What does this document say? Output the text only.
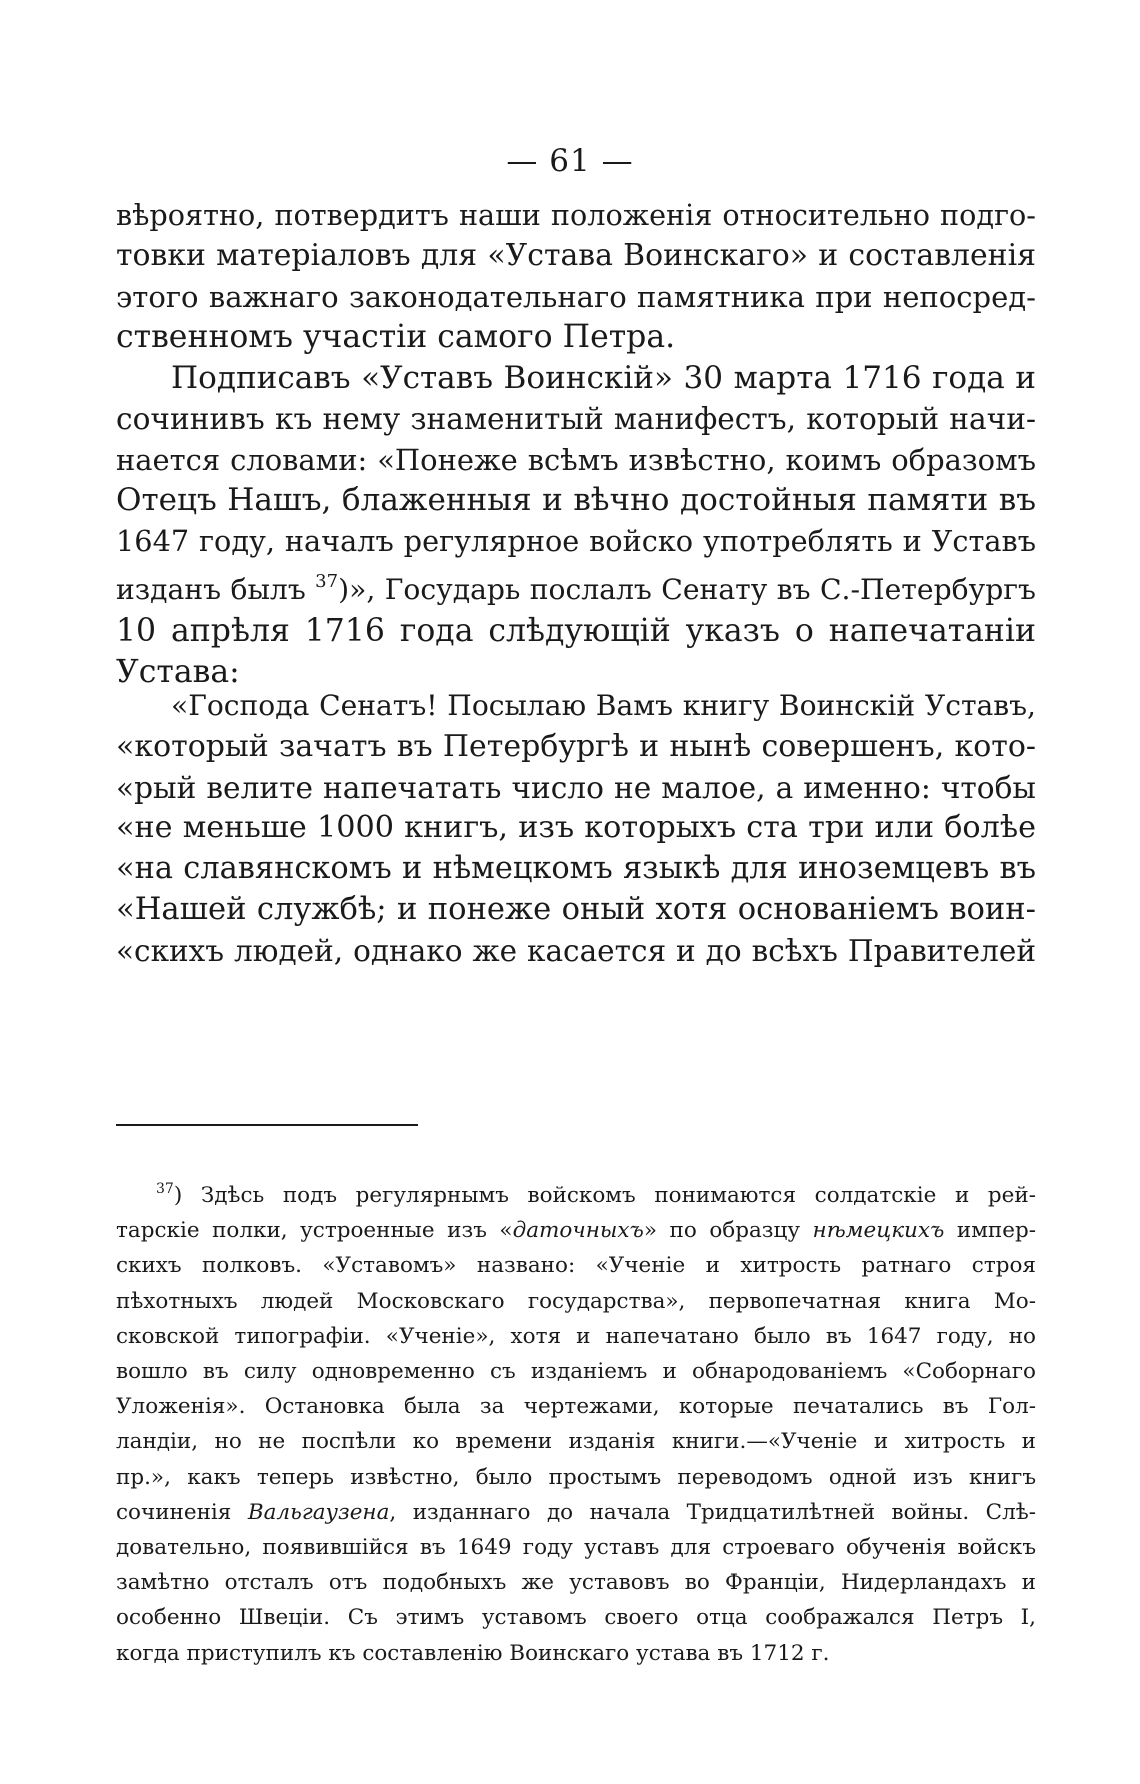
— 61 —
вѣроятно, потвердитъ наши положенія относительно подго-
товки матеріаловъ для «Устава Воинскаго» и составленія
этого важнаго законодательнаго памятника при непосред-
ственномъ участіи самого Петра.
Подписавъ «Уставъ Воинскій» 30 марта 1716 года и
сочинивъ къ нему знаменитый манифестъ, который начи-
нается словами: «Понеже всѣмъ извѣстно, коимъ образомъ
Отецъ Нашъ, блаженныя и вѣчно достойныя памяти въ
1647 году, началъ регулярное войско употреблять и Уставъ
изданъ былъ $^{37}$)», Государь послалъ Сенату въ С.-Петербургъ
10 апрѣля 1716 года слѣдующій указъ о напечатаніи
Устава:
«Господа Сенатъ! Посылаю Вамъ книгу Воинскій Уставъ,
«который зачатъ въ Петербургѣ и нынѣ совершенъ, кото-
«рый велите напечатать число не малое, а именно: чтобы
«не меньше 1000 книгъ, изъ которыхъ ста три или болѣе
«на славянскомъ и нѣмецкомъ языкѣ для иноземцевъ въ
«Нашей службѣ; и понеже оный хотя основаніемъ воин-
«скихъ людей, однако же касается и до всѣхъ Правителей
$^{37}$) Здѣсь подъ регулярнымъ войскомъ понимаются солдатскіе и рей-
тарскіе полки, устроенные изъ «даточныхъ» по образцу нѣмецкихъ импер-
скихъ полковъ. «Уставомъ» названо: «Ученіе и хитрость ратнаго строя
пѣхотныхъ людей Московскаго государства», первопечатная книга Мо-
сковской типографіи. «Ученіе», хотя и напечатано было въ 1647 году, но
вошло въ силу одновременно съ изданіемъ и обнародованіемъ «Соборнаго
Уложенія». Остановка была за чертежами, которые печатались въ Гол-
ландіи, но не поспѣли ко времени изданія книги.—«Ученіе и хитрость и
пр.», какъ теперь извѣстно, было простымъ переводомъ одной изъ книгъ
сочиненія Вальгаузена, изданнаго до начала Тридцатилѣтней войны. Слѣ-
довательно, появившійся въ 1649 году уставъ для строеваго обученія войскъ
замѣтно отсталъ отъ подобныхъ же уставовъ во Франціи, Нидерландахъ и
особенно Швеціи. Съ этимъ уставомъ своего отца соображался Петръ I,
когда приступилъ къ составленію Воинскаго устава въ 1712 г.
